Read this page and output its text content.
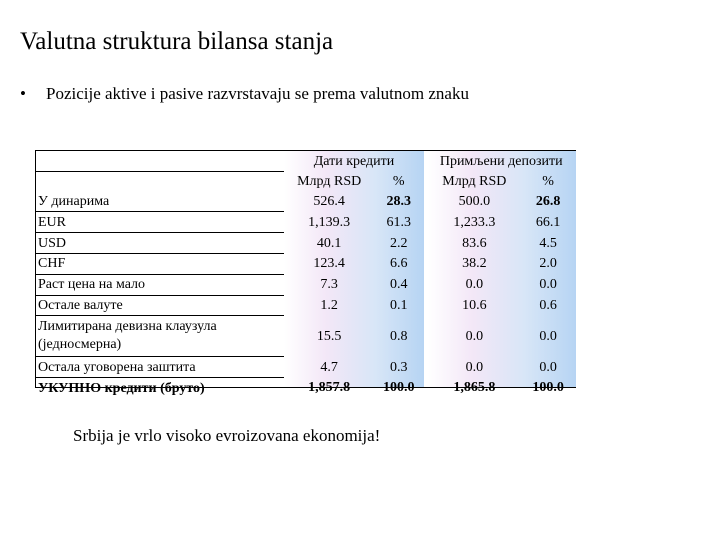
Valutna struktura bilansa stanja
• Pozicije aktive i pasive razvrstavaju se prema valutnom znaku
	Дати кредити			Примљени депозити	
	Млрд RSD	%		Млрд RSD	%
У динарима	526.4	28.3		500.0	26.8
EUR	1,139.3	61.3		1,233.3	66.1
USD	40.1	2.2		83.6	4.5
CHF	123.4	6.6		38.2	2.0
Раст цена на мало	7.3	0.4		0.0	0.0
Остале валуте	1.2	0.1		10.6	0.6
Лимитирана девизна клаузула (једносмерна)	15.5	0.8		0.0	0.0
Остала уговорена заштита	4.7	0.3		0.0	0.0
УКУПНО кредити (бруто)	1,857.8	100.0		1,865.8	100.0
Srbija je vrlo visoko evroizovana ekonomija!
